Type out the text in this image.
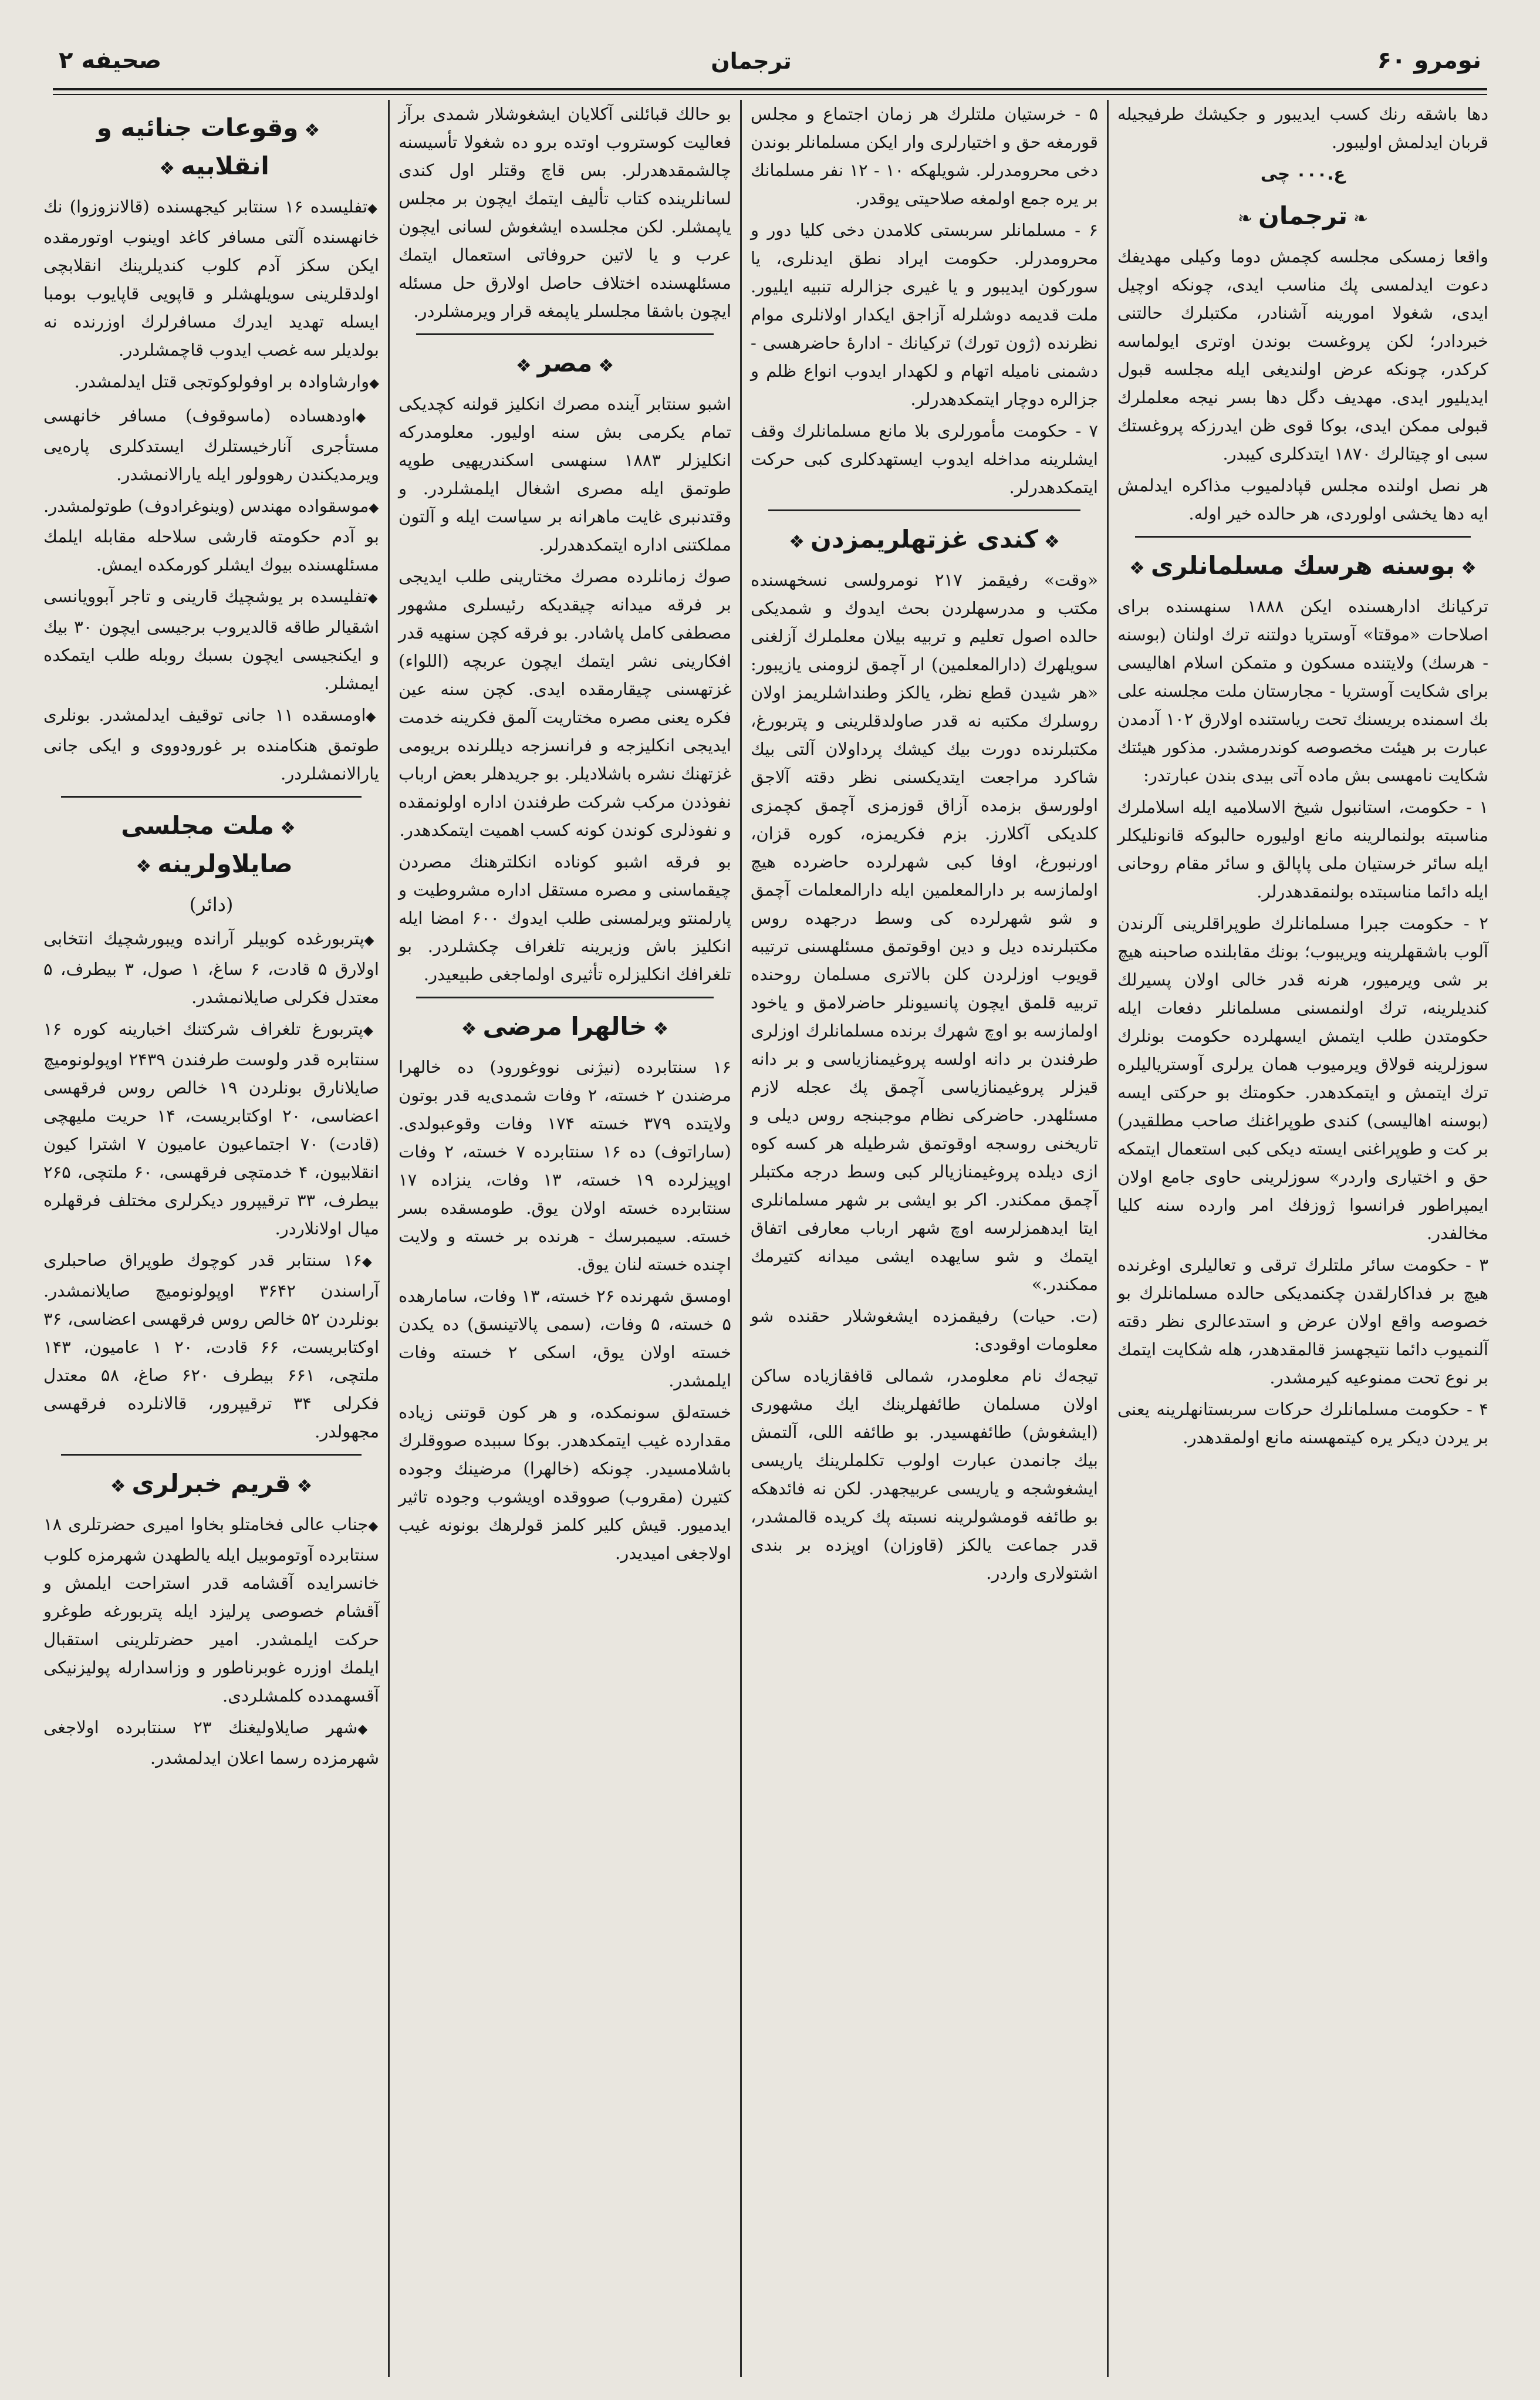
صحیفه ۲	ترجمان	نومرو ۶۰

دها باشقه رنك کسب ایدیبور و جکیشك طرفیجیله قربان ایدلمش اولیبور.

ع.۰۰۰ چی
❧ترجمان❧

واقعا زمسکی مجلسه کچمش دوما وکیلی مهدیفك دعوت ایدلمسی پك مناسب ایدی، چونكه اوچیل ایدی، شغولا امورینه آشنادر، مکتبلرك حالتنی خبردادر؛ لکن پروغست بوندن اوتری ایولماسه کرکدر، چونكه عرض اولندیغی ایله مجلسه قبول ایدیلیور ایدی. مهدیف دگل دها بسر نیجه معلملرك قبولی ممکن ایدی، بوکا قوی ظن ایدرزکه پروغستك سبی او چیتالرك ۱۸۷۰ ایتدکلری کیبدر.

هر نصل اولنده مجلس قپادلمیوب مذاکره ایدلمش ایه دها یخشی اولوردی، هر حالده خیر اوله.

❖بوسنه هرسك مسلمانلری❖

ترکیانك ادارهسنده ایکن ۱۸۸۸ سنهسنده برای اصلاحات «موقتا» آوستریا دولتنه ترك اولنان (بوسنه - هرسك) ولایتنده مسکون و متمکن اسلام اهالیسی برای شکایت آوستریا - مجارستان ملت مجلسنه علی بك اسمنده بریسنك تحت ریاستنده اولارق ۱۰۲ آدمدن عبارت بر هیئت مخصوصه کوندرمشدر. مذکور هیئتك شکایت نامهسی بش ماده آتی بیدی بندن عبارتدر:

۱ - حکومت، استانبول شیخ الاسلامیه ایله اسلاملرك مناسبته بولنمالرینه مانع اولیوره حالبوکه قانونلیکلر ایله سائر خرستیان ملی پاپالق و سائر مقام روحانی ایله دائما مناسبتده بولنمقدهدرلر.

۲ - حکومت جبرا مسلمانلرك طوپراقلرینی آلرندن آلوب باشقهلرینه ویریبوب؛ بونك مقابلنده صاحبنه هیچ بر شی ویرمیور، هرنه قدر خالی اولان پسیرلك کندیلرینه، ترك اولنمسنی مسلمانلر دفعات ایله حکومتدن طلب ایتمش ایسهلرده حکومت بونلرك سوزلرینه قولاق ویرمیوب همان یرلری آوستریالیلره ترك ایتمش و ایتمکدهدر. حکومتك بو حرکتی ایسه (بوسنه اهالیسی) کندی طوپراغنك صاحب مطلقیدر) بر کت و طوپراغنی ایسته دیکی کبی استعمال ایتمکه حق و اختیاری واردر» سوزلرینی حاوی جامع اولان ایمپراطور فرانسوا ژوزفك امر وارده سنه کلیا مخالفدر.

۳ - حکومت سائر ملتلرك ترقی و تعالیلری اوغرنده هیچ بر فداکارلقدن چکنمدیکی حالده مسلمانلرك بو خصوصه واقع اولان عرض و استدعالری نظر دقته آلنمیوب دائما نتیجهسز قالمقدهدر، هله شکایت ایتمك بر نوع تحت ممنوعیه کیرمشدر.

۴ - حکومت مسلمانلرك حرکات سربستانهلرینه یعنی بر یردن دیکر یره کیتمهسنه مانع اولمقدهدر.

۵ - خرستیان ملتلرك هر زمان اجتماع و مجلس قورمغه حق و اختیارلری وار ایکن مسلمانلر بوندن دخی محرومدرلر. شویلهکه ۱۰ - ۱۲ نفر مسلمانك بر یره جمع اولمغه صلاحیتی یوقدر.

۶ - مسلمانلر سربستی کلامدن دخی کلیا دور و محرومدرلر. حکومت ایراد نطق ایدنلری، یا سورکون ایدیبور و یا غیری جزالرله تنبیه ایلیور. ملت قدیمه دوشلرله آزاجق ایکدار اولانلری موام نظرنده (ژون تورك) ترکیانك - ادارهٔ حاضرهسی - دشمنی نامیله اتهام و لکهدار ایدوب انواع ظلم و جزالره دوچار ایتمکدهدرلر.

۷ - حکومت مأمورلری بلا مانع مسلمانلرك وقف ایشلرینه مداخله ایدوب ایستهدکلری کبی حرکت ایتمکدهدرلر.

❖کندی غزتهلریمزدن❖

«وقت» رفیقمز ۲۱۷ نومرولسی نسخهسنده مکتب و مدرسهلردن بحث ایدوك و شمدیکی حالده اصول تعلیم و تربیه بیلان معلملرك آزلغنی سویلهرك (دارالمعلمین) ار آچمق لزومنی یازیبور: «هر شیدن قطع نظر، یالکز وطنداشلریمز اولان روسلرك مکتبه نه قدر صاولدقلرینی و پتربورغ، مکتبلرنده دورت بیك کیشك پرداولان آلتی بیك شاکرد مراجعت ایتدیکسنی نظر دقته آلاجق اولورسق بزمده آزاق قوزمزی آچمق کچمزی کلدیکی آکلارز. بزم فکریمزه، کوره قزان، اورنبورغ، اوفا کبی شهرلرده حاضرده هیچ اولمازسه بر دارالمعلمین ایله دارالمعلمات آچمق و شو شهرلرده کی وسط درجهده روس مکتبلرنده دیل و دین اوقوتمق مسئلهسنی ترتیبه قویوب اوزلردن کلن بالاتری مسلمان روحنده تربیه قلمق ایچون پانسیونلر حاضرلامق و یاخود اولمازسه بو اوچ شهرك برنده مسلمانلرك اوزلری طرفندن بر دانه اولسه پروغیمنازیاسی و بر دانه قیزلر پروغیمنازیاسی آچمق پك عجله لازم مسئلهدر. حاضرکی نظام موجبنجه روس دیلی و تاریخنی روسجه اوقوتمق شرطیله هر کسه کوه ازی دیلده پروغیمنازیالر کبی وسط درجه مکتبلر آچمق ممکندر. اکر بو ایشی بر شهر مسلمانلری ایتا ایدهمزلرسه اوچ شهر ارباب معارفی اتفاق ایتمك و شو سایهده ایشی میدانه کتیرمك ممکندر.»

(ت. حیات) رفیقمزده ایشغوشلار حقنده شو معلومات اوقودی:

تیجه‌ك نام معلومدر، شمالی قافقازیاده ساکن اولان مسلمان طائفهلرینك ایك مشهوری (ایشغوش) طائفهسیدر. بو طائفه اللی، آلتمش بیك جانمدن عبارت اولوب تکلملرینك یاریسی ایشغوشجه و یاریسی عربیجهدر. لکن نه فائدهکه بو طائفه قومشولرینه نسبته پك کریده قالمشدر، قدر جماعت یالکز (قاوزان) اوپزده بر بندی اشتولاری واردر.

بو حالك قبائلنی آکلایان ایشغوشلار شمدی برآز فعالیت کوستروب اوتده برو ده شغولا تأسیسنه چالشمقدهدرلر. بس قاچ وقتلر اول کندی لسانلرینده کتاب تألیف ایتمك ایچون بر مجلس یاپمشلر. لکن مجلسده ایشغوش لسانی ایچون عرب و یا لاتین حروفاتی استعمال ایتمك مسئلهسنده اختلاف حاصل اولارق حل مسئله ایچون باشقا مجلسلر یاپمغه قرار ویرمشلردر.

❖مصر❖

اشبو سنتابر آینده مصرك انکلیز قولنه کچدیکی تمام یکرمی بش سنه اولیور. معلومدرکه انکلیزلر ۱۸۸۳ سنهسی اسکندریهیی طوپه طوتمق ایله مصری اشغال ایلمشلردر. و وقتدنبری غایت ماهرانه بر سیاست ایله و آلتون مملکتنی اداره ایتمکدهدرلر.

صوك زمانلرده مصرك مختارینی طلب ایدیجی بر فرقه میدانه چیقدیکه رئیسلری مشهور مصطفی کامل پاشادر. بو فرقه کچن سنهیه قدر افکارینی نشر ایتمك ایچون عربچه (اللواء) غزتهسنی چیقارمقده ایدی. کچن سنه عین فکره یعنی مصره مختاریت آلمق فکرینه خدمت ایدیجی انکلیزجه و فرانسزجه دیللرنده بریومی غزتهنك نشره باشلادیلر. بو جریدهلر بعض ارباب نفوذدن مرکب شرکت طرفندن اداره اولونمقده و نفوذلری کوندن کونه کسب اهمیت ایتمکدهدر.

بو فرقه اشبو کوناده انکلترهنك مصردن چیقماسنی و مصره مستقل اداره مشروطیت و پارلمنتو ویرلمسنی طلب ایدوك ۶۰۰ امضا ایله انکلیز باش وزیرینه تلغراف چکشلردر. بو تلغرافك انکلیزلره تأثیری اولماجغی طبیعیدر.

❖خالهرا مرضی❖

۱۶ سنتابرده (نیژنی نووغورود) ده خالهرا مرضندن ۲ خسته، ۲ وفات شمدی‌یه قدر بوتون ولایتده ۳۷۹ خسته ۱۷۴ وفات وقوعبولدی. (ساراتوف) ده ۱۶ سنتابرده ۷ خسته، ۲ وفات اوپیزلرده ۱۹ خسته، ۱۳ وفات، ینزاده ۱۷ سنتابرده خسته اولان یوق. طومسقده بسر خسته. سیمبرسك - هرنده بر خسته و ولایت اچنده خسته لنان یوق.

اومسق شهرنده ۲۶ خسته، ۱۳ وفات، سامارهده ۵ خسته، ۵ وفات، (سمی پالاتینسق) ده یکدن خسته اولان یوق، اسکی ۲ خسته وفات ایلمشدر.

خسته‌لق سونمکده، و هر کون قوتنی زیاده مقدارده غیب ایتمکدهدر. بوکا سببده صووقلرك باشلامسیدر. چونکه (خالهرا) مرضینك وجوده کتیرن (مقروب) صووقده اویشوب وجوده تاثیر ایدمیور. قیش کلیر کلمز قولرهك بونونه غیب اولاجغی امیدیدر.

❖وقوعات جنائیه و انقلابیه❖

◆ تفلیسده ۱۶ سنتابر کیجهسنده (قالانزوزوا) نك خانهسنده آلتی مسافر کاغد اوینوب اوتورمقده ایکن سکز آدم کلوب کندیلرینك انقلابچی اولدقلرینی سویلهشلر و قاپویی قاپایوب بومبا ایسله تهدید ایدرك مسافرلرك اوزرنده نه بولدیلر سه غصب ایدوب قاچمشلردر.

◆ وارشاوادہ بر اوفولوکوتجی قتل ایدلمشدر.

◆ اودهساده (ماسوقوف) مسافر خانهسی مستأجری آنارخیستلرك ایستدکلری پاره‌یی ویرمدیکندن رهوولور ایله یارالانمشدر.

◆ موسقواده مهندس (وینوغرادوف) طوتولمشدر. بو آدم حکومته قارشی سلاحله مقابله ایلمك مسئلهسنده بیوك ایشلر کورمکده ایمش.

◆ تفلیسده بر یوشچیك قارینی و تاجر آبوویانسی اشقیالر طاقه قالدیروب برجیسی ایچون ۳۰ بیك و ایکنجیسی ایچون بسبك روبله طلب ایتمکده ایمشلر.

◆ اومسقده ۱۱ جانی توقیف ایدلمشدر. بونلری طوتمق هنکامنده بر غورودووی و ایکی جانی یارالانمشلردر.

❖ملت مجلسی صایلاولرینه❖
(دائر)

◆ پتربورغده کوبیلر آرانده ویبورشچیك انتخابی اولارق ۵ قادت، ۶ ساغ، ۱ صول، ۳ بیطرف، ۵ معتدل فکرلی صایلانمشدر.

◆ پتربورغ تلغراف شرکتنك اخبارینه کوره ۱۶ سنتابره قدر ولوست طرفندن ۲۴۳۹ اوپولونومیچ صایلانارق بونلردن ۱۹ خالص روس فرقهسی اعضاسی، ۲۰ اوکتابریست، ۱۴ حریت ملیهچی (قادت) ۷۰ اجتماعیون عامیون ۷ اشترا کیون انقلابیون، ۴ خدمتچی فرقهسی، ۶۰ ملتچی، ۲۶۵ بیطرف، ۳۳ ترقیپرور دیکرلری مختلف فرقهلره میال اولانلاردر.

◆ ۱۶ سنتابر قدر کوچوك طوپراق صاحبلری آراسندن ۳۶۴۲ اوپولونومیچ صایلانمشدر. بونلردن ۵۲ خالص روس فرقهسی اعضاسی، ۳۶ اوکتابریست، ۶۶ قادت، ۲۰ ۱ عامیون، ۱۴۳ ملتچی، ۶۶۱ بیطرف ۶۲۰ صاغ، ۵۸ معتدل فکرلی ۳۴ ترقیپرور، قالانلرده فرقهسی مجهولدر.

❖قریم خبرلری❖

◆ جناب عالی فخامتلو بخاوا امیری حضرتلری ۱۸ سنتابرده آوتوموبیل ایله یالطهدن شهرمزه کلوب خانسرایده آقشامه قدر استراحت ایلمش و آقشام خصوصی پرلیزد ایله پتربورغه طوغرو حرکت ایلمشدر. امیر حضرتلرینی استقبال ایلمك اوزره غوبرناطور و وزاسدارله پولیزنیکی آقسهمدده کلمشلردی.

◆ شهر صایلاولیغنك ۲۳ سنتابرده اولاجغی شهرمزده رسما اعلان ایدلمشدر.
